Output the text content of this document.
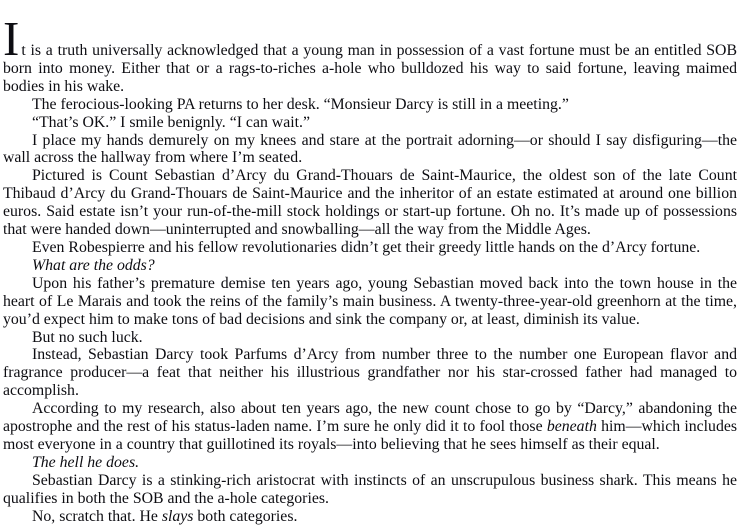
It is a truth universally acknowledged that a young man in possession of a vast fortune must be an entitled SOB born into money. Either that or a rags-to-riches a-hole who bulldozed his way to said fortune, leaving maimed bodies in his wake.

The ferocious-looking PA returns to her desk. “Monsieur Darcy is still in a meeting.”

“That’s OK.” I smile benignly. “I can wait.”

I place my hands demurely on my knees and stare at the portrait adorning—or should I say disfiguring—the wall across the hallway from where I’m seated.

Pictured is Count Sebastian d’Arcy du Grand-Thouars de Saint-Maurice, the oldest son of the late Count Thibaud d’Arcy du Grand-Thouars de Saint-Maurice and the inheritor of an estate estimated at around one billion euros. Said estate isn’t your run-of-the-mill stock holdings or start-up fortune. Oh no. It’s made up of possessions that were handed down—uninterrupted and snowballing—all the way from the Middle Ages.

Even Robespierre and his fellow revolutionaries didn’t get their greedy little hands on the d’Arcy fortune.

What are the odds?

Upon his father’s premature demise ten years ago, young Sebastian moved back into the town house in the heart of Le Marais and took the reins of the family’s main business. A twenty-three-year-old greenhorn at the time, you’d expect him to make tons of bad decisions and sink the company or, at least, diminish its value.

But no such luck.

Instead, Sebastian Darcy took Parfums d’Arcy from number three to the number one European flavor and fragrance producer—a feat that neither his illustrious grandfather nor his star-crossed father had managed to accomplish.

According to my research, also about ten years ago, the new count chose to go by “Darcy,” abandoning the apostrophe and the rest of his status-laden name. I’m sure he only did it to fool those beneath him—which includes most everyone in a country that guillotined its royals—into believing that he sees himself as their equal.

The hell he does.

Sebastian Darcy is a stinking-rich aristocrat with instincts of an unscrupulous business shark. This means he qualifies in both the SOB and the a-hole categories.

No, scratch that. He slays both categories.
